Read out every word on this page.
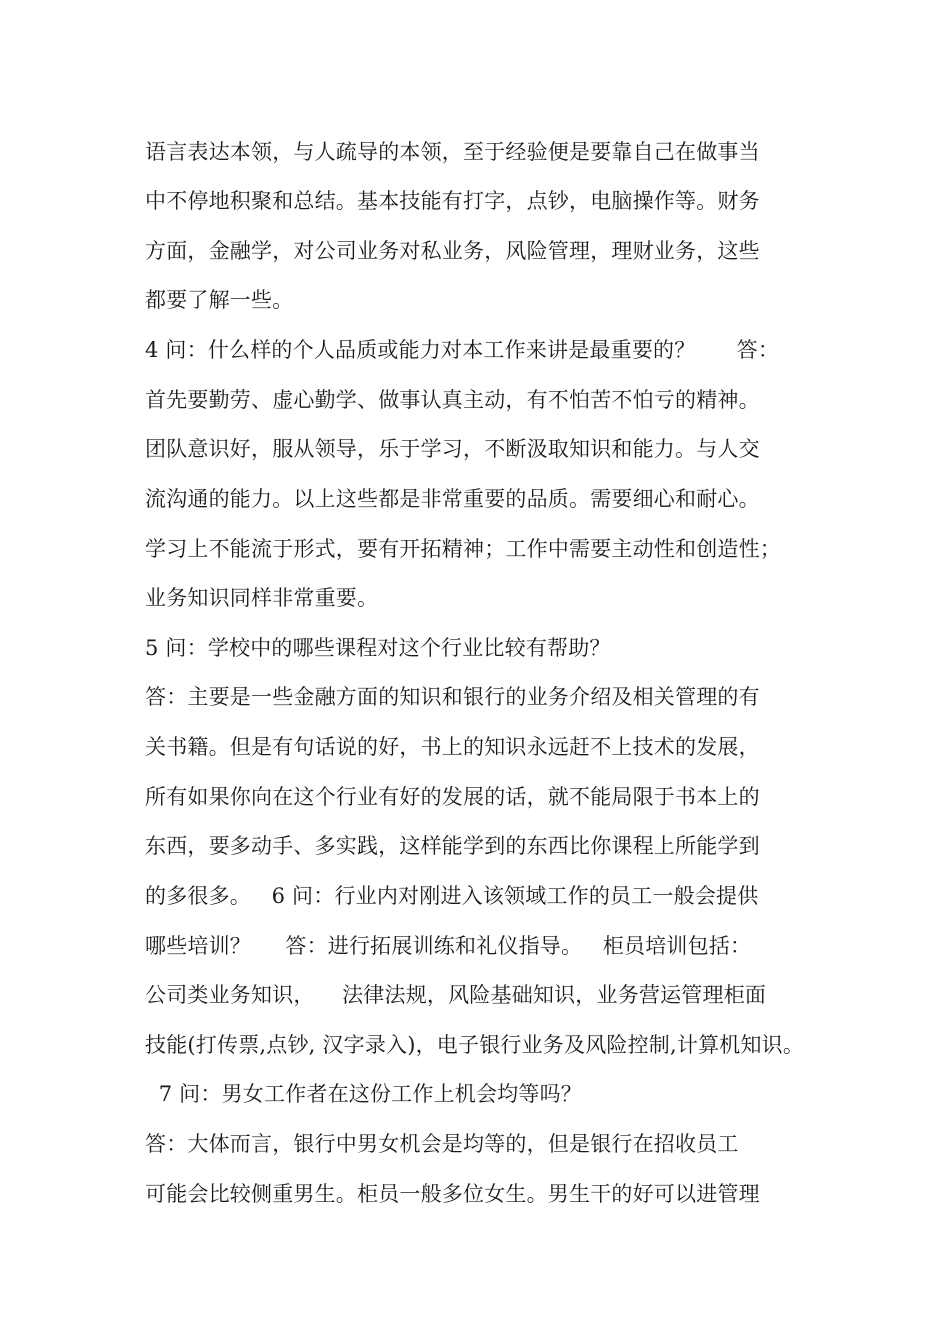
语言表达本领，与人疏导的本领，至于经验便是要靠自己在做事当
中不停地积聚和总结。基本技能有打字，点钞，电脑操作等。财务
方面，金融学，对公司业务对私业务，风险管理，理财业务，这些
都要了解一些。
4 问：什么样的个人品质或能力对本工作来讲是最重要的？      答：
首先要勤劳、虚心勤学、做事认真主动，有不怕苦不怕亏的精神。
团队意识好，服从领导，乐于学习，不断汲取知识和能力。与人交
流沟通的能力。以上这些都是非常重要的品质。需要细心和耐心。
学习上不能流于形式，要有开拓精神；工作中需要主动性和创造性；
业务知识同样非常重要。
5 问：学校中的哪些课程对这个行业比较有帮助？
答：主要是一些金融方面的知识和银行的业务介绍及相关管理的有
关书籍。但是有句话说的好，书上的知识永远赶不上技术的发展，
所有如果你向在这个行业有好的发展的话，就不能局限于书本上的
东西，要多动手、多实践，这样能学到的东西比你课程上所能学到
的多很多。   6 问：行业内对刚进入该领域工作的员工一般会提供
哪些培训？     答：进行拓展训练和礼仪指导。   柜员培训包括：
公司类业务知识，    法律法规，风险基础知识，业务营运管理柜面
技能(打传票,点钞, 汉字录入)，电子银行业务及风险控制,计算机知识。
7 问：男女工作者在这份工作上机会均等吗？
答：大体而言，银行中男女机会是均等的，但是银行在招收员工
可能会比较侧重男生。柜员一般多位女生。男生干的好可以进管理
